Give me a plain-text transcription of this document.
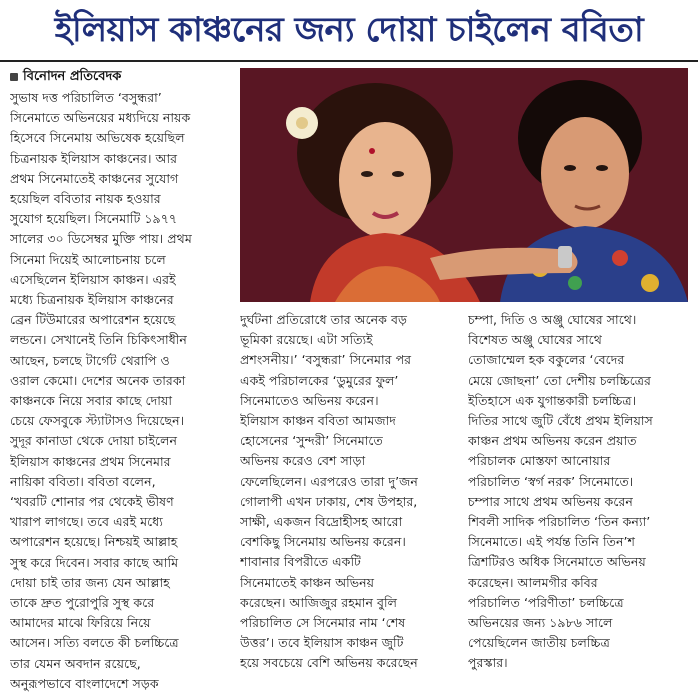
ইলিয়াস কাঞ্চনের জন্য দোয়া চাইলেন ববিতা
বিনোদন প্রতিবেদক
সুভাষ দত্ত পরিচালিত ‘বসুন্ধরা’
সিনেমাতে অভিনয়ের মধ্যদিয়ে নায়ক
হিসেবে সিনেমায় অভিষেক হয়েছিল
চিত্রনায়ক ইলিয়াস কাঞ্চনের। আর
প্রথম সিনেমাতেই কাঞ্চনের সুযোগ
হয়েছিল ববিতার নায়ক হওয়ার
সুযোগ হয়েছিল। সিনেমাটি ১৯৭৭
সালের ৩০ ডিসেম্বর মুক্তি পায়। প্রথম
সিনেমা দিয়েই আলোচনায় চলে
এসেছিলেন ইলিয়াস কাঞ্চন। এরই
মধ্যে চিত্রনায়ক ইলিয়াস কাঞ্চনের
ব্রেন টিউমারের অপারেশন হয়েছে
লন্ডনে। সেখানেই তিনি চিকিৎসাধীন
আছেন, চলছে টার্গেট থেরাপি ও
ওরাল কেমো। দেশের অনেক তারকা
কাঞ্চনকে নিয়ে সবার কাছে দোয়া
চেয়ে ফেসবুকে স্ট্যাটাসও দিয়েছেন।
সুদূর কানাডা থেকে দোয়া চাইলেন
ইলিয়াস কাঞ্চনের প্রথম সিনেমার
নায়িকা ববিতা। ববিতা বলেন,
‘খবরটি শোনার পর থেকেই ভীষণ
খারাপ লাগছে। তবে এরই মধ্যে
অপারেশন হয়েছে। নিশ্চয়ই আল্লাহ
সুস্থ করে দিবেন। সবার কাছে আমি
দোয়া চাই তার জন্য যেন আল্লাহ
তাকে দ্রুত পুরোপুরি সুস্থ করে
আমাদের মাঝে ফিরিয়ে নিয়ে
আসেন। সত্যি বলতে কী চলচ্চিত্রে
তার যেমন অবদান রয়েছে,
অনুরূপভাবে বাংলাদেশে সড়ক
দুর্ঘটনা প্রতিরোধে তার অনেক বড়
ভূমিকা রয়েছে। এটা সত্যিই
প্রশংসনীয়।’ ‘বসুন্ধরা’ সিনেমার পর
একই পরিচালকের ‘ডুমুরের ফুল’
সিনেমাতেও অভিনয় করেন।
ইলিয়াস কাঞ্চন ববিতা আমজাদ
হোসেনের ‘সুন্দরী’ সিনেমাতে
অভিনয় করেও বেশ সাড়া
ফেলেছিলেন। এরপরেও তারা দু’জন
গোলাপী এখন ঢাকায়, শেষ উপহার,
সাক্ষী, একজন বিদ্রোহীসহ আরো
বেশকিছু সিনেমায় অভিনয় করেন।
শাবানার বিপরীতে একটি
সিনেমাতেই কাঞ্চন অভিনয়
করেছেন। আজিজুর রহমান বুলি
পরিচালিত সে সিনেমার নাম ‘শেষ
উত্তর’। তবে ইলিয়াস কাঞ্চন জুটি
হয়ে সবচেয়ে বেশি অভিনয় করেছেন
চম্পা, দিতি ও অঞ্জু ঘোষের সাথে।
বিশেষত অঞ্জু ঘোষের সাথে
তোজাম্মেল হক বকুলের ‘বেদের
মেয়ে জোছনা’ তো দেশীয় চলচ্চিত্রের
ইতিহাসে এক যুগান্তকারী চলচ্চিত্র।
দিতির সাথে জুটি বেঁধে প্রথম ইলিয়াস
কাঞ্চন প্রথম অভিনয় করেন প্রয়াত
পরিচালক মোস্তফা আনোয়ার
পরিচালিত ‘স্বর্গ নরক’ সিনেমাতে।
চম্পার সাথে প্রথম অভিনয় করেন
শিবলী সাদিক পরিচালিত ‘তিন কন্যা’
সিনেমাতে। এই পর্যন্ত তিনি তিন’শ
ত্রিশটিরও অধিক সিনেমাতে অভিনয়
করেছেন। আলমগীর কবির
পরিচালিত ‘পরিণীতা’ চলচ্চিত্রে
অভিনয়ের জন্য ১৯৮৬ সালে
পেয়েছিলেন জাতীয় চলচ্চিত্র
পুরস্কার।
